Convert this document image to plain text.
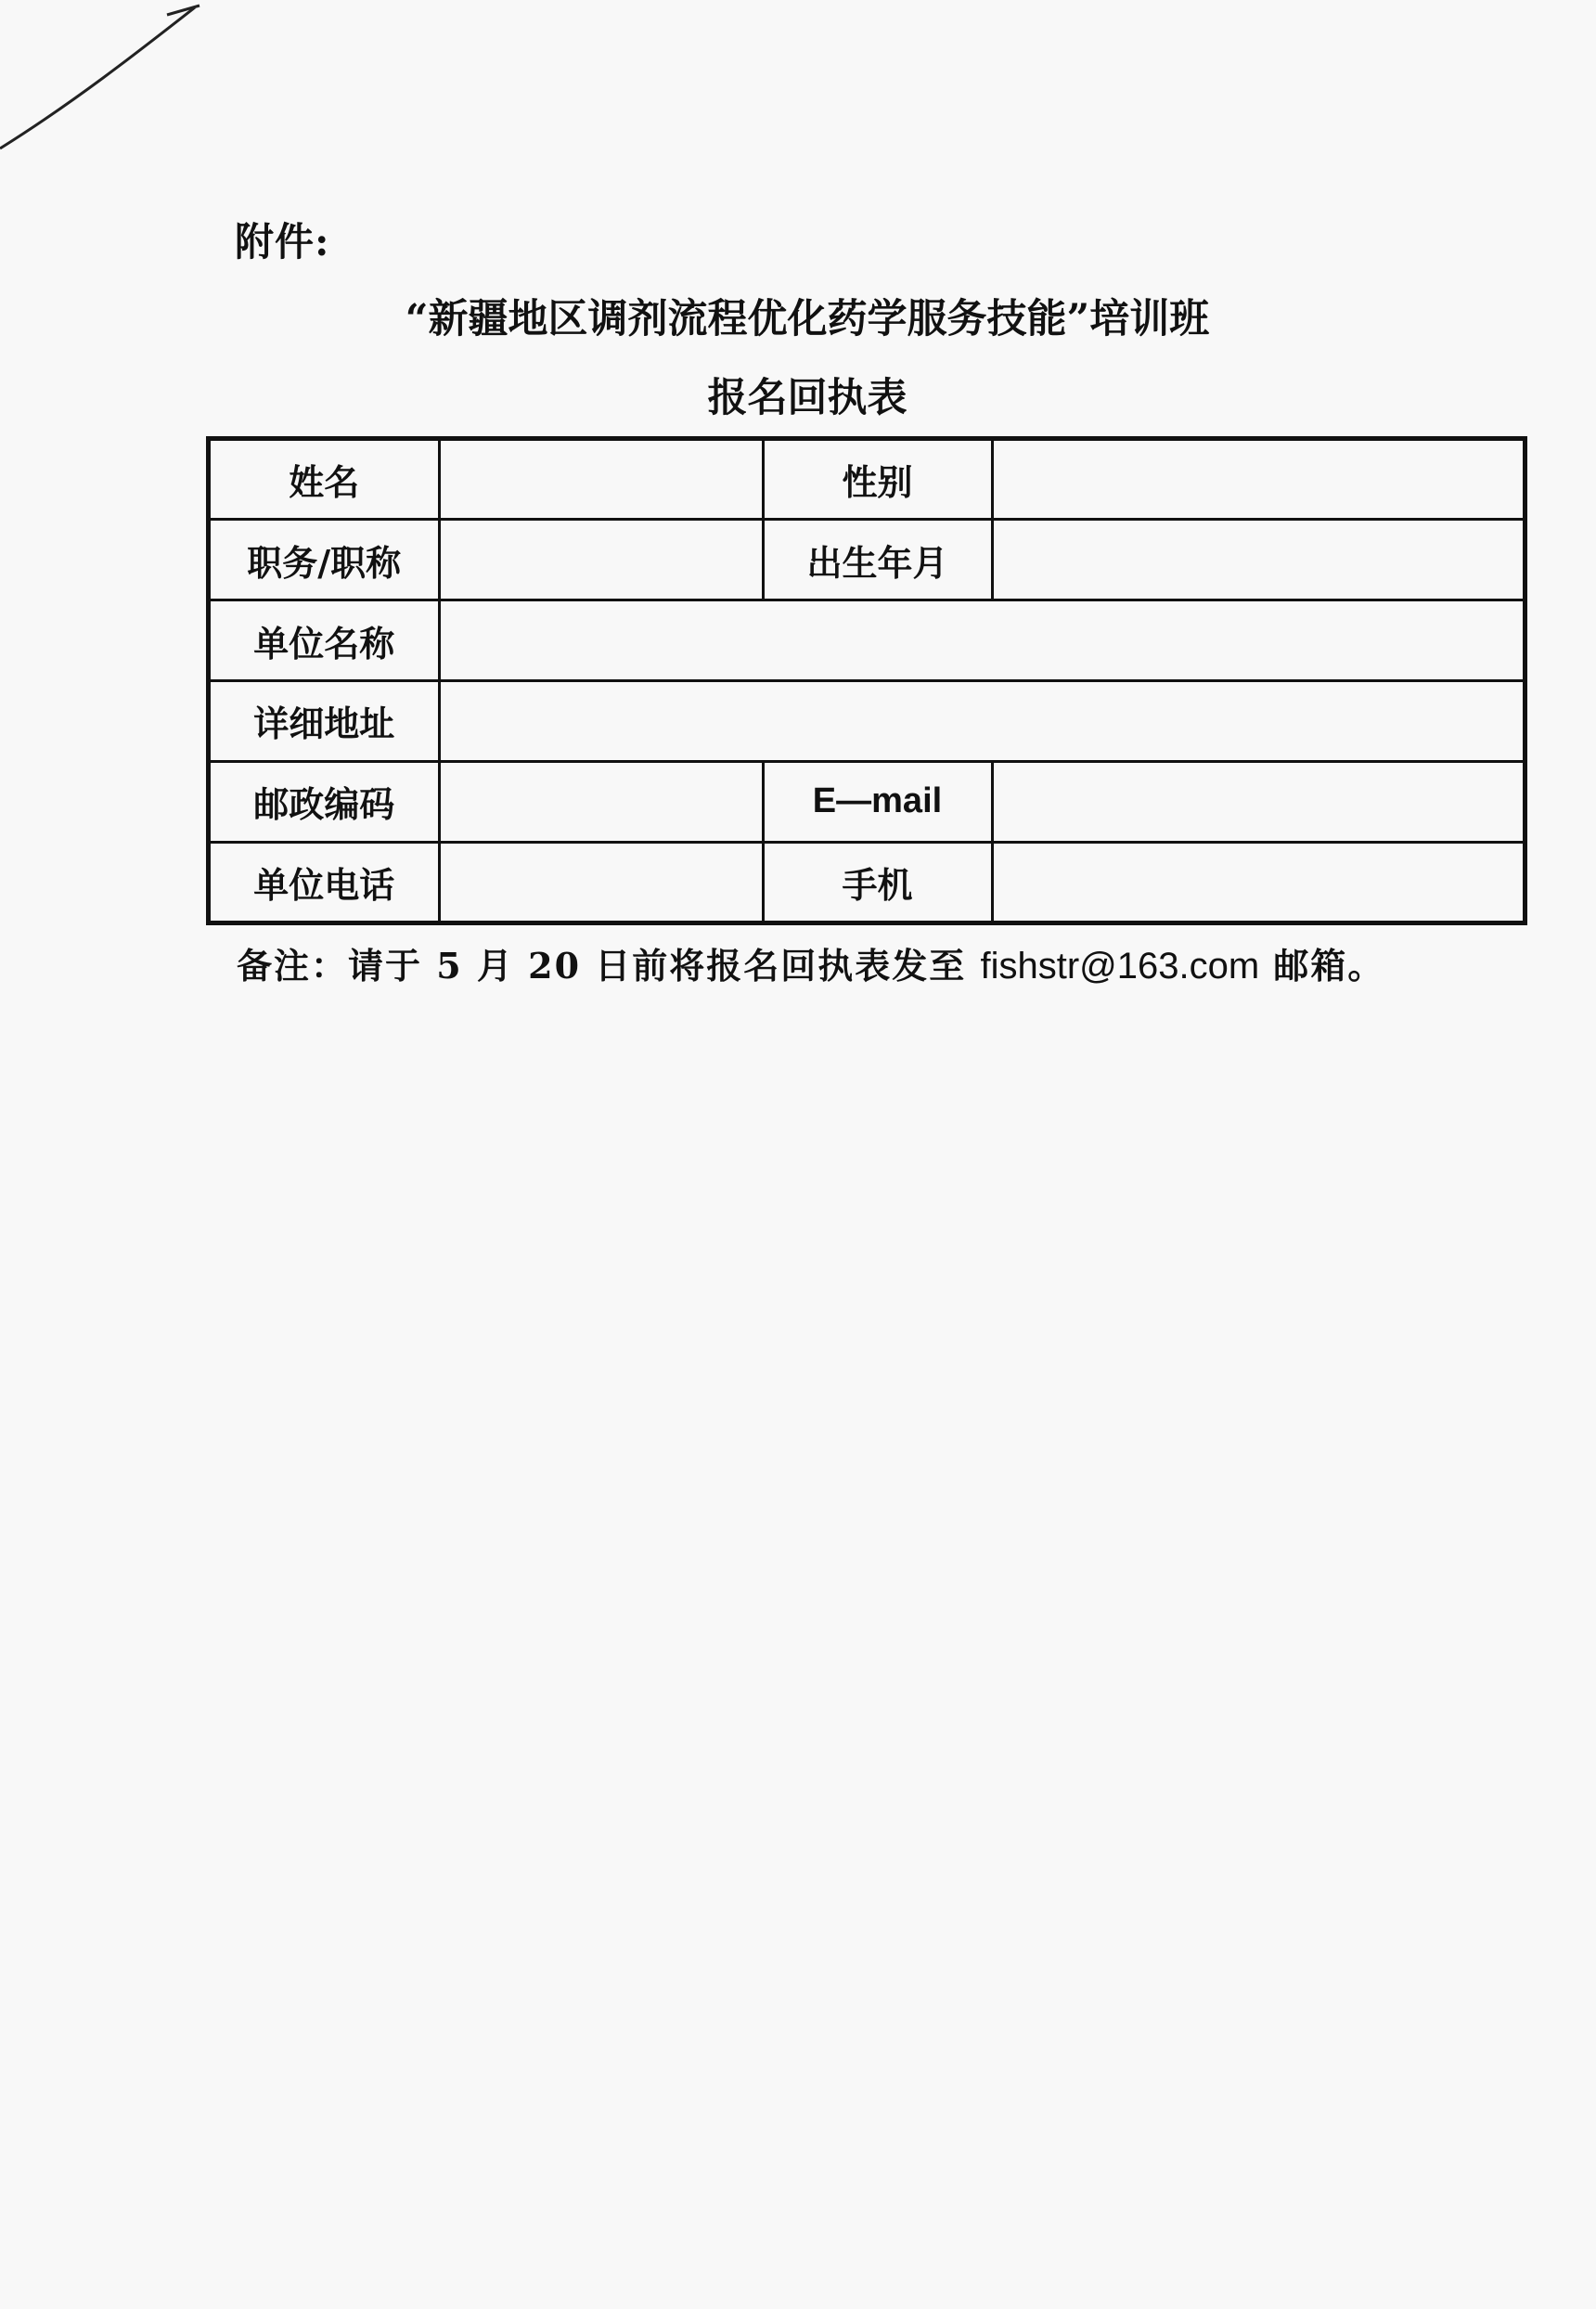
附件:
“新疆地区调剂流程优化药学服务技能”培训班
报名回执表
姓名		性别	
职务/职称		出生年月	
单位名称			
详细地址			
邮政编码		E—mail	
单位电话		手机	
备注：请于 5 月 20 日前将报名回执表发至 fishstr@163.com 邮箱。
